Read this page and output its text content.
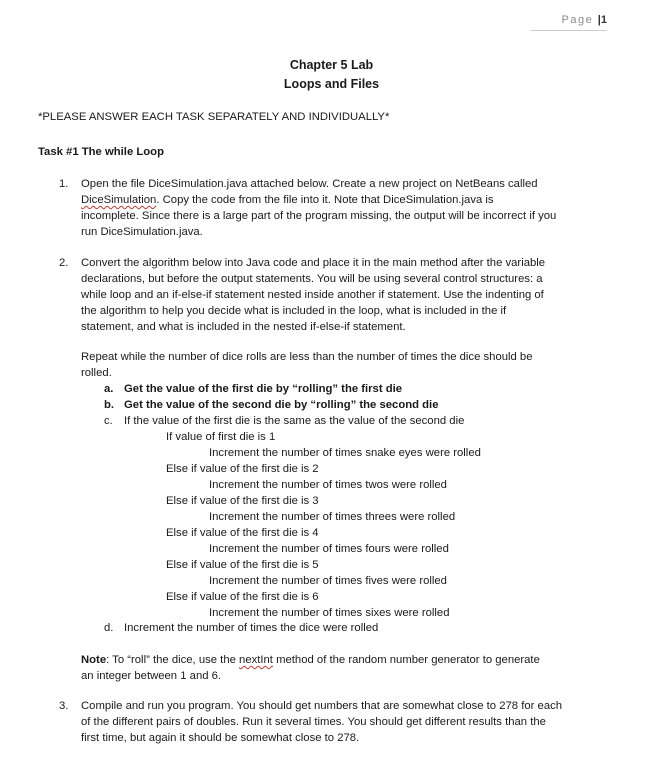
Page |1
Chapter 5 Lab
Loops and Files
*PLEASE ANSWER EACH TASK SEPARATELY AND INDIVIDUALLY*
Task #1 The while Loop
1. Open the file DiceSimulation.java attached below. Create a new project on NetBeans called
DiceSimulation. Copy the code from the file into it. Note that DiceSimulation.java is
incomplete. Since there is a large part of the program missing, the output will be incorrect if you
run DiceSimulation.java.
2. Convert the algorithm below into Java code and place it in the main method after the variable
declarations, but before the output statements. You will be using several control structures: a
while loop and an if-else-if statement nested inside another if statement. Use the indenting of
the algorithm to help you decide what is included in the loop, what is included in the if
statement, and what is included in the nested if-else-if statement.
Repeat while the number of dice rolls are less than the number of times the dice should be
rolled.
a. Get the value of the first die by “rolling” the first die
b. Get the value of the second die by “rolling” the second die
c. If the value of the first die is the same as the value of the second die
If value of first die is 1
Increment the number of times snake eyes were rolled
Else if value of the first die is 2
Increment the number of times twos were rolled
Else if value of the first die is 3
Increment the number of times threes were rolled
Else if value of the first die is 4
Increment the number of times fours were rolled
Else if value of the first die is 5
Increment the number of times fives were rolled
Else if value of the first die is 6
Increment the number of times sixes were rolled
d. Increment the number of times the dice were rolled
Note: To “roll” the dice, use the nextInt method of the random number generator to generate
an integer between 1 and 6.
3. Compile and run you program. You should get numbers that are somewhat close to 278 for each
of the different pairs of doubles. Run it several times. You should get different results than the
first time, but again it should be somewhat close to 278.
